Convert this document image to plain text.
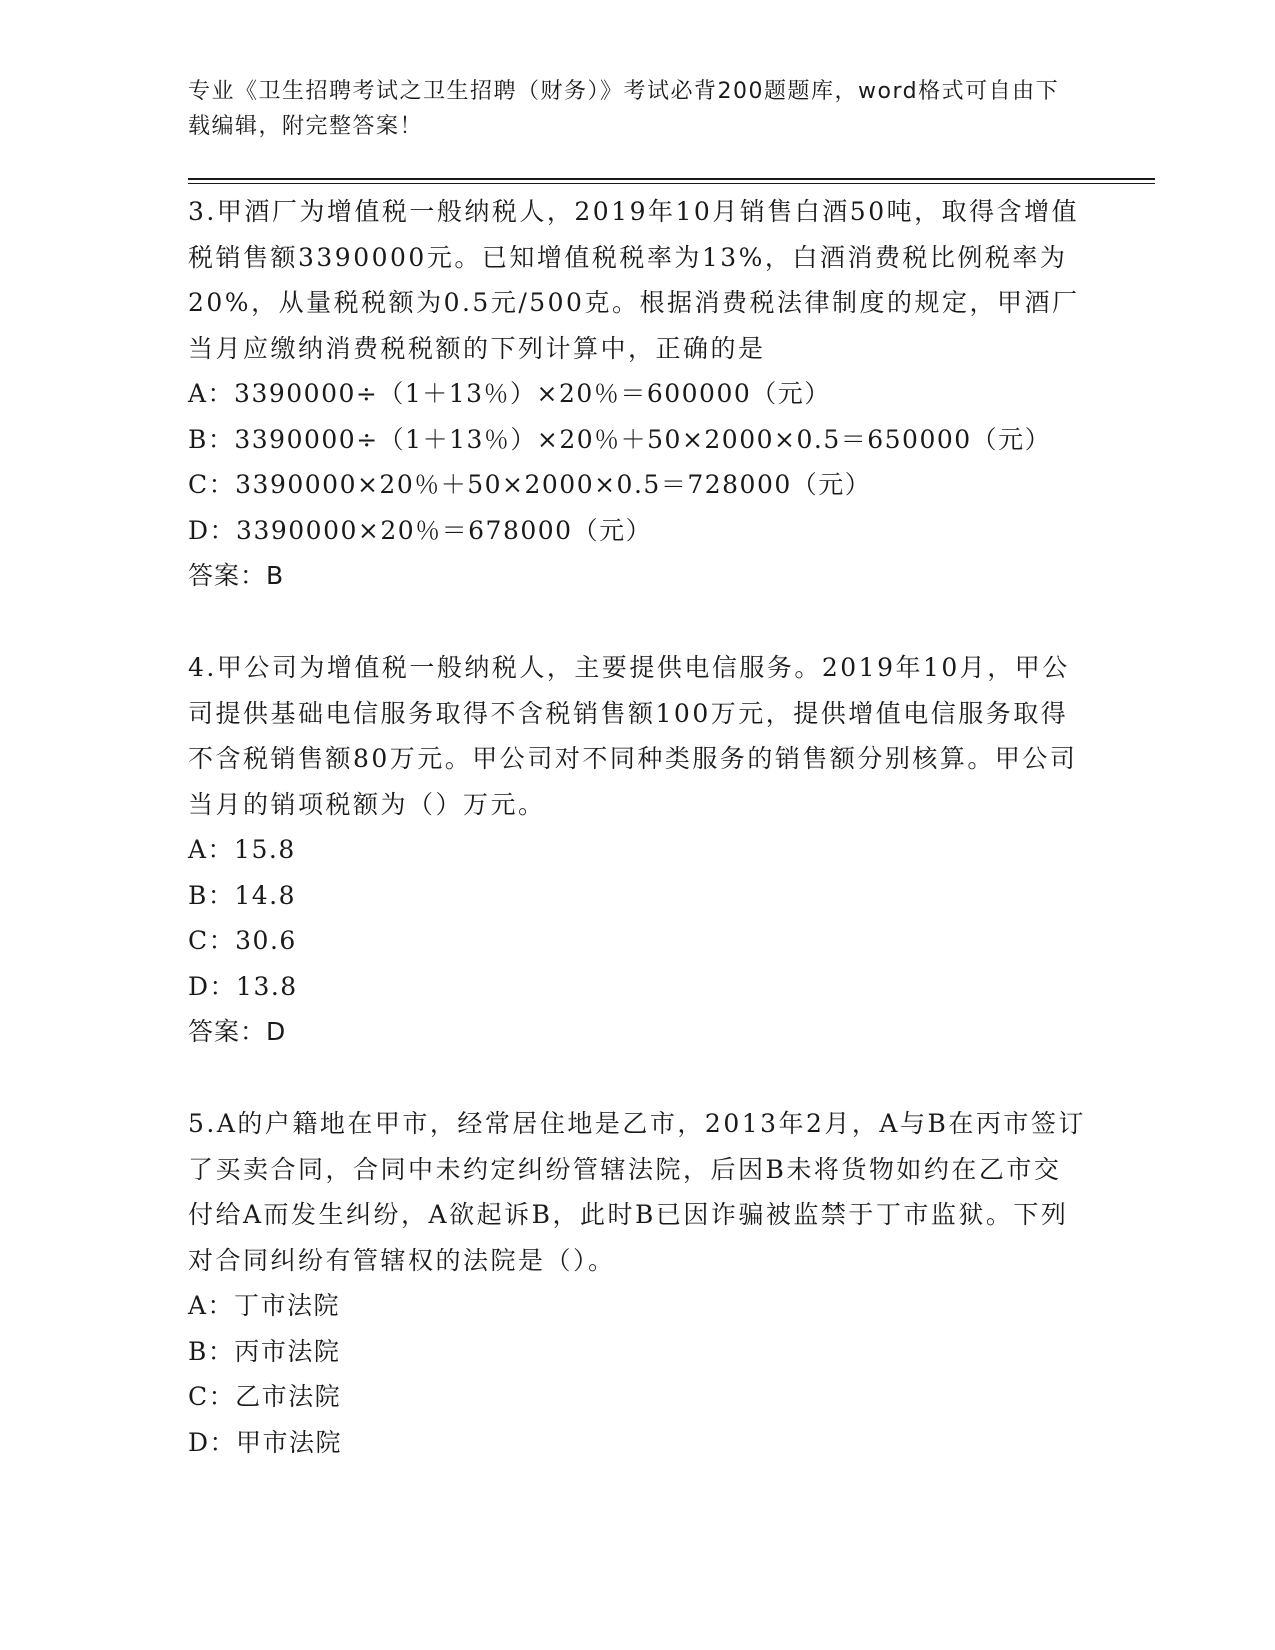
专业《卫生招聘考试之卫生招聘（财务）》考试必背200题题库，word格式可自由下载编辑，附完整答案！

3.甲酒厂为增值税一般纳税人，2019年10月销售白酒50吨，取得含增值税销售额3390000元。已知增值税税率为13%，白酒消费税比例税率为20%，从量税税额为0.5元/500克。根据消费税法律制度的规定，甲酒厂当月应缴纳消费税税额的下列计算中，正确的是

A：3390000÷（1＋13％）×20％＝600000（元）

B：3390000÷（1＋13％）×20％＋50×2000×0.5＝650000（元）

C：3390000×20％＋50×2000×0.5＝728000（元）

D：3390000×20％＝678000（元）

答案：B

4.甲公司为增值税一般纳税人，主要提供电信服务。2019年10月，甲公司提供基础电信服务取得不含税销售额100万元，提供增值电信服务取得不含税销售额80万元。甲公司对不同种类服务的销售额分别核算。甲公司当月的销项税额为（）万元。

A：15.8

B：14.8

C：30.6

D：13.8

答案：D

5.A的户籍地在甲市，经常居住地是乙市，2013年2月，A与B在丙市签订了买卖合同，合同中未约定纠纷管辖法院，后因B未将货物如约在乙市交付给A而发生纠纷，A欲起诉B，此时B已因诈骗被监禁于丁市监狱。下列对合同纠纷有管辖权的法院是（）。

A：丁市法院

B：丙市法院

C：乙市法院

D：甲市法院
